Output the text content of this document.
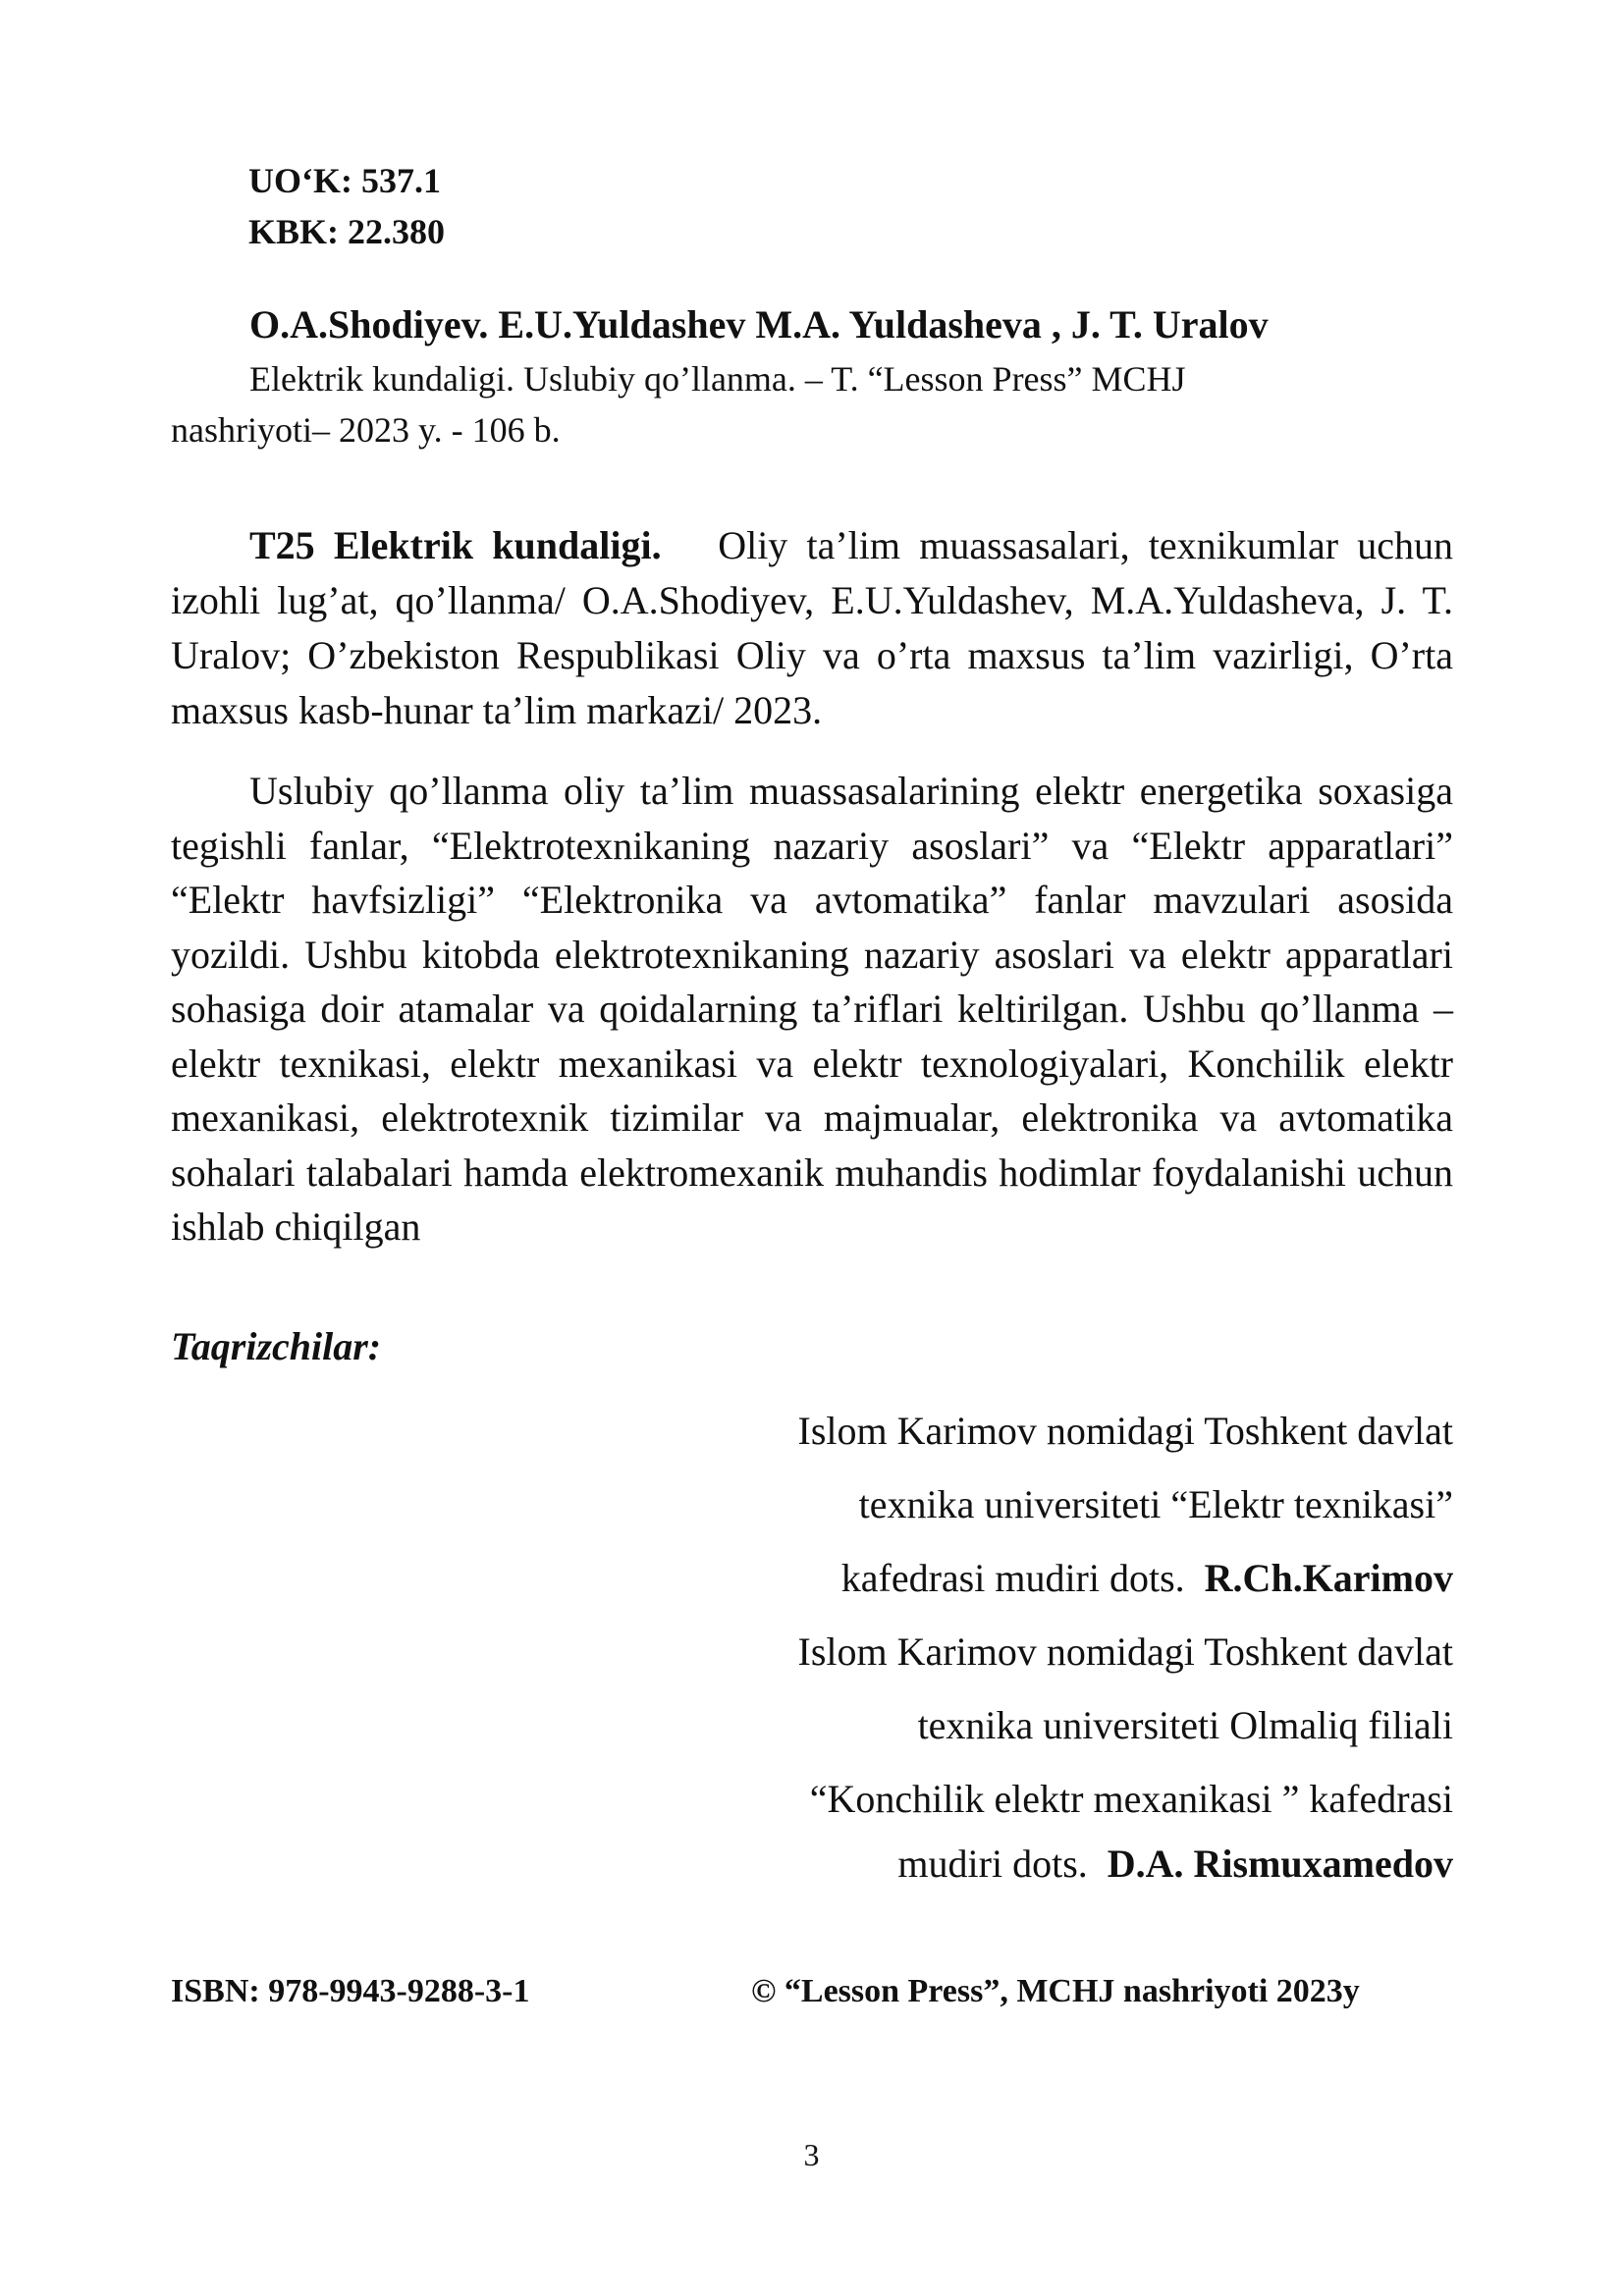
UO‘K: 537.1
KBK: 22.380
O.A.Shodiyev. E.U.Yuldashev M.A. Yuldasheva , J. T. Uralov
Elektrik kundaligi. Uslubiy qo’llanma. – T. “Lesson Press” MCHJ
nashriyoti– 2023 y. - 106 b.
T25 Elektrik kundaligi. Oliy ta’lim muassasalari, texnikumlar uchun izohli lug’at, qo’llanma/ O.A.Shodiyev, E.U.Yuldashev, M.A.Yuldasheva, J. T. Uralov; O’zbekiston Respublikasi Oliy va o’rta maxsus ta’lim vazirligi, O’rta maxsus kasb-hunar ta’lim markazi/ 2023.
Uslubiy qo’llanma oliy ta’lim muassasalarining elektr energetika soxasiga tegishli fanlar, “Elektrotexnikaning nazariy asoslari” va “Elektr apparatlari” “Elektr havfsizligi” “Elektronika va avtomatika” fanlar mavzulari asosida yozildi. Ushbu kitobda elektrotexnikaning nazariy asoslari va elektr apparatlari sohasiga doir atamalar va qoidalarning ta’riflari keltirilgan. Ushbu qo’llanma –elektr texnikasi, elektr mexanikasi va elektr texnologiyalari, Konchilik elektr mexanikasi, elektrotexnik tizimilar va majmualar, elektronika va avtomatika sohalari talabalari hamda elektromexanik muhandis hodimlar foydalanishi uchun ishlab chiqilgan
Taqrizchilar:
Islom Karimov nomidagi Toshkent davlat
texnika universiteti “Elektr texnikasi”
kafedrasi mudiri dots. R.Ch.Karimov
Islom Karimov nomidagi Toshkent davlat
texnika universiteti Olmaliq filiali
“Konchilik elektr mexanikasi ” kafedrasi
mudiri dots. D.A. Rismuxamedov
ISBN: 978-9943-9288-3-1	© “Lesson Press”, MCHJ nashriyoti 2023y
3
